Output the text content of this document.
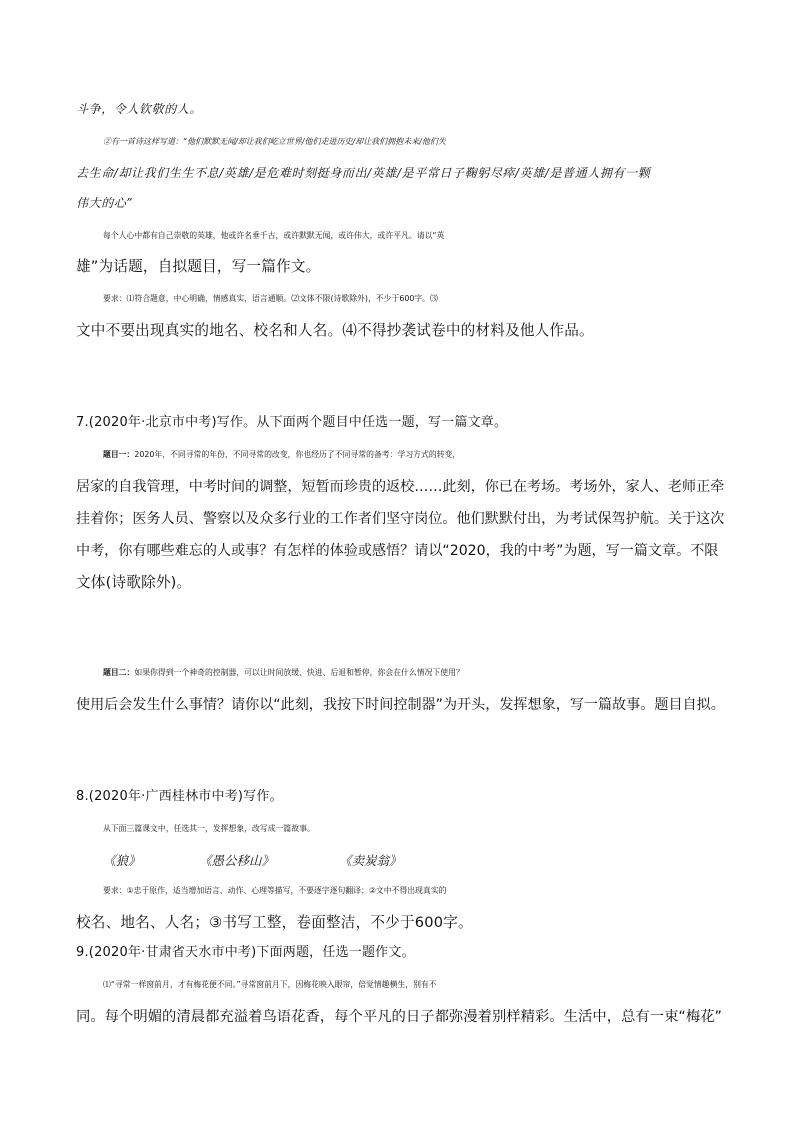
斗争，令人钦敬的人。
②有一首诗这样写道：“他们默默无闻/却让我们屹立世界/他们走进历史/却让我们拥抱未来/他们失
去生命/却让我们生生不息/英雄/是危难时刻挺身而出/英雄/是平常日子鞠躬尽瘁/英雄/是普通人拥有一颗
伟大的心”
每个人心中都有自己崇敬的英雄，他或许名垂千古，或许默默无闻，或许伟大，或许平凡。请以“英
雄”为话题，自拟题目，写一篇作文。
要求：⑴符合题意，中心明确，情感真实，语言通顺。⑵文体不限(诗歌除外)，不少于600字。⑶
文中不要出现真实的地名、校名和人名。⑷不得抄袭试卷中的材料及他人作品。
7.(2020年·北京市中考)写作。从下面两个题目中任选一题，写一篇文章。
题目一：2020年，不同寻常的年份，不同寻常的改变，你也经历了不同寻常的备考：学习方式的转变，
居家的自我管理，中考时间的调整，短暂而珍贵的返校……此刻，你已在考场。考场外，家人、老师正牵
挂着你；医务人员、警察以及众多行业的工作者们坚守岗位。他们默默付出，为考试保驾护航。关于这次
中考，你有哪些难忘的人或事？有怎样的体验或感悟？请以“2020，我的中考”为题，写一篇文章。不限
文体(诗歌除外)。
题目二：如果你得到一个神奇的控制器，可以让时间放缓、快进、后退和暂停，你会在什么情况下使用？
使用后会发生什么事情？请你以“此刻，我按下时间控制器”为开头，发挥想象，写一篇故事。题目自拟。
8.(2020年·广西桂林市中考)写作。
从下面三篇课文中，任选其一，发挥想象，改写成一篇故事。
《狼》	《愚公移山》	《卖炭翁》
要求：①忠于原作，适当增加语言、动作、心理等描写，不要逐字逐句翻译；②文中不得出现真实的
校名、地名、人名；③书写工整，卷面整洁，不少于600字。
9.(2020年·甘肃省天水市中考)下面两题，任选一题作文。
⑴“寻常一样窗前月，才有梅花便不同。”寻常窗前月下，因梅花映入眼帘，倍觉情趣横生，别有不
同。每个明媚的清晨都充溢着鸟语花香，每个平凡的日子都弥漫着别样精彩。生活中，总有一束“梅花”
